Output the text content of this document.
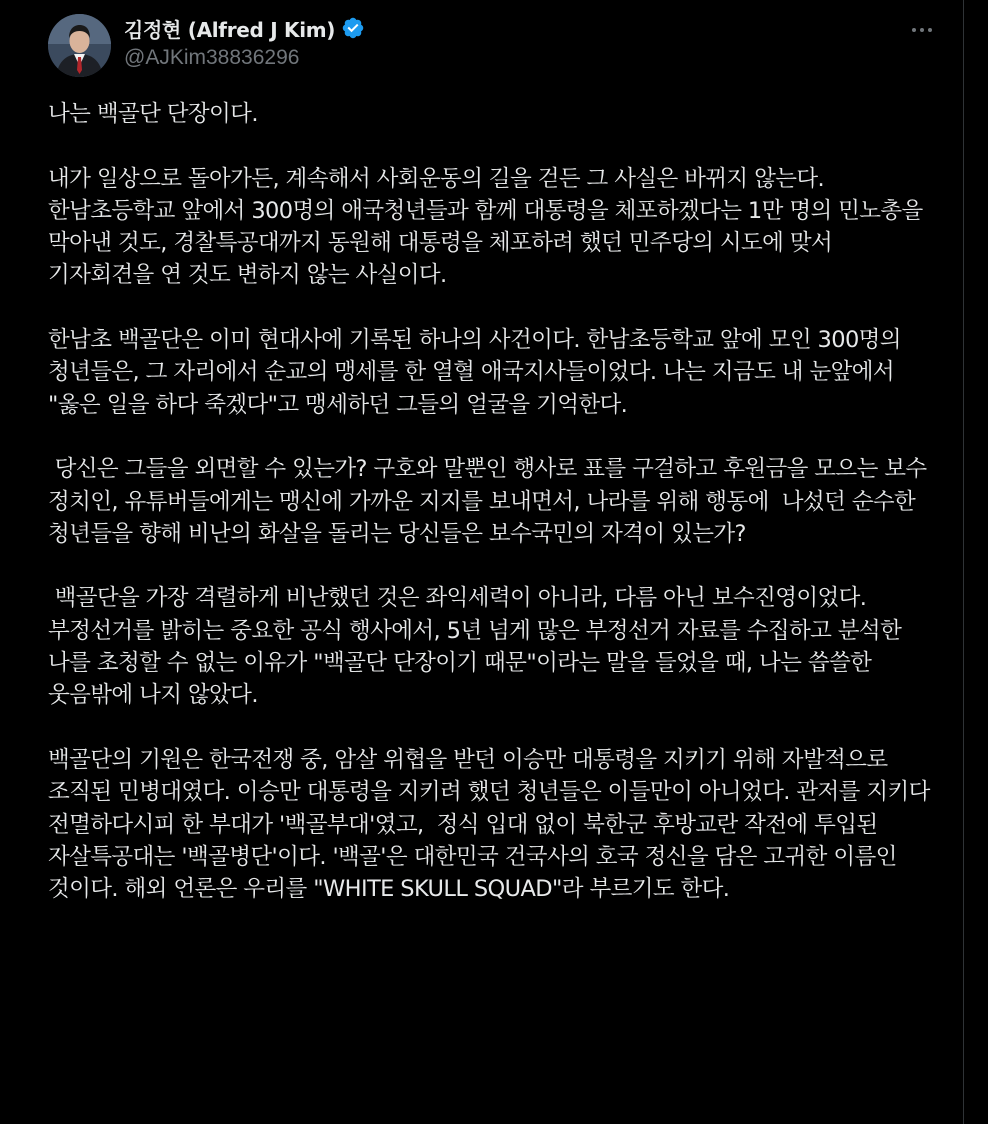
김정현 (Alfred J Kim)
@AJKim38836296

나는 백골단 단장이다.

내가 일상으로 돌아가든, 계속해서 사회운동의 길을 걷든 그 사실은 바뀌지 않는다. 한남초등학교 앞에서 300명의 애국청년들과 함께 대통령을 체포하겠다는 1만 명의 민노총을 막아낸 것도, 경찰특공대까지 동원해 대통령을 체포하려 했던 민주당의 시도에 맞서 기자회견을 연 것도 변하지 않는 사실이다.

한남초 백골단은 이미 현대사에 기록된 하나의 사건이다. 한남초등학교 앞에 모인 300명의 청년들은, 그 자리에서 순교의 맹세를 한 열혈 애국지사들이었다. 나는 지금도 내 눈앞에서 "옳은 일을 하다 죽겠다"고 맹세하던 그들의 얼굴을 기억한다.

당신은 그들을 외면할 수 있는가? 구호와 말뿐인 행사로 표를 구걸하고 후원금을 모으는 보수 정치인, 유튜버들에게는 맹신에 가까운 지지를 보내면서, 나라를 위해 행동에  나섰던 순수한 청년들을 향해 비난의 화살을 돌리는 당신들은 보수국민의 자격이 있는가?

백골단을 가장 격렬하게 비난했던 것은 좌익세력이 아니라, 다름 아닌 보수진영이었다. 부정선거를 밝히는 중요한 공식 행사에서, 5년 넘게 많은 부정선거 자료를 수집하고 분석한 나를 초청할 수 없는 이유가 "백골단 단장이기 때문"이라는 말을 들었을 때, 나는 씁쓸한 웃음밖에 나지 않았다.

백골단의 기원은 한국전쟁 중, 암살 위협을 받던 이승만 대통령을 지키기 위해 자발적으로 조직된 민병대였다. 이승만 대통령을 지키려 했던 청년들은 이들만이 아니었다. 관저를 지키다 전멸하다시피 한 부대가 '백골부대'였고,  정식 입대 없이 북한군 후방교란 작전에 투입된 자살특공대는 '백골병단'이다. '백골'은 대한민국 건국사의 호국 정신을 담은 고귀한 이름인 것이다. 해외 언론은 우리를 "WHITE SKULL SQUAD"라 부르기도 한다.
